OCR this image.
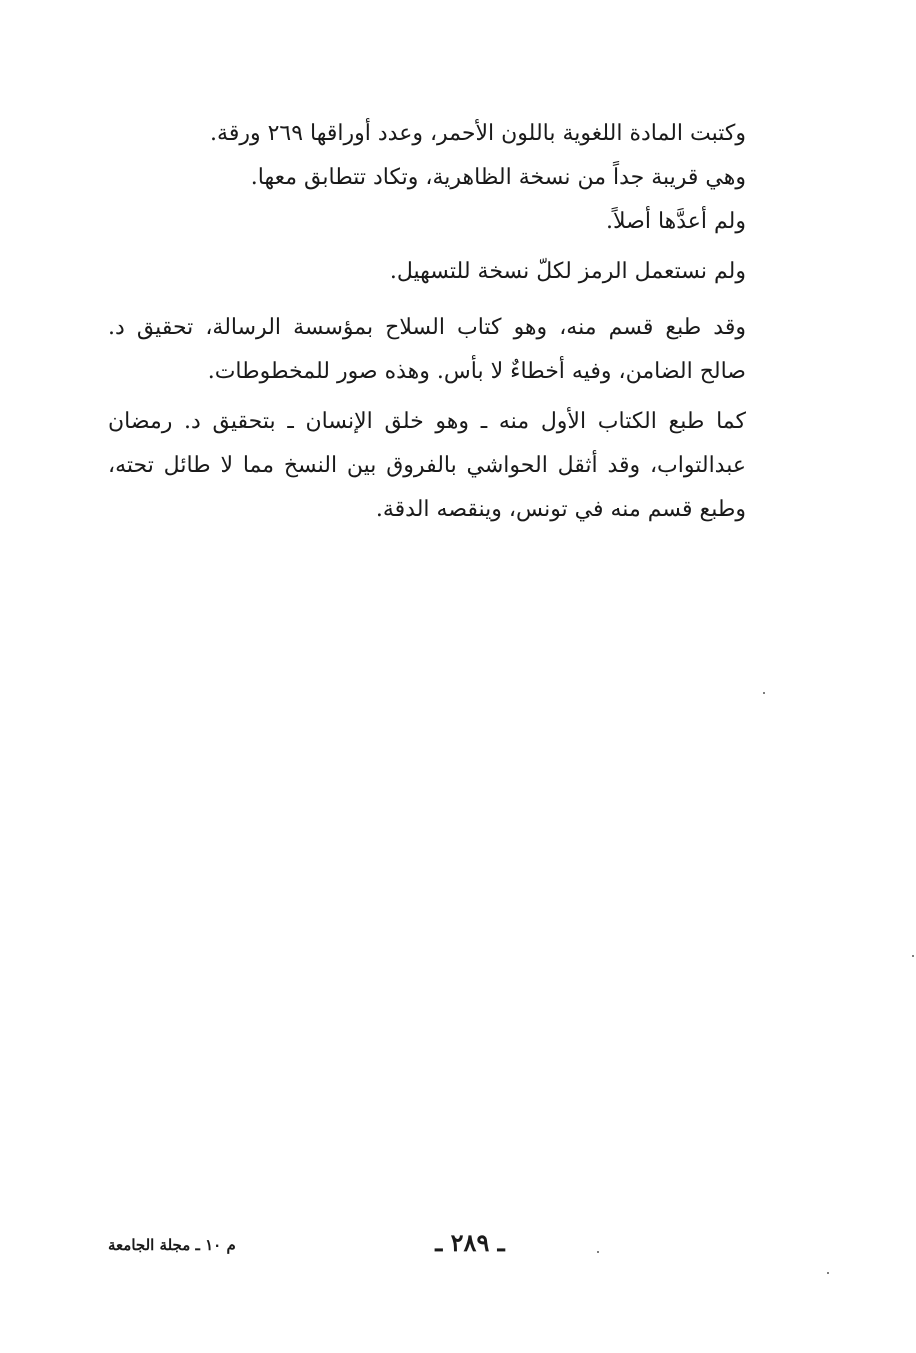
وكتبت المادة اللغوية باللون الأحمر، وعدد أوراقها ٢٦٩ ورقة.

وهي قريبة جداً من نسخة الظاهرية، وتكاد تتطابق معها.

ولم أعدَّها أصلاً.

ولم نستعمل الرمز لكلّ نسخة للتسهيل.

وقد طبع قسم منه، وهو كتاب السلاح بمؤسسة الرسالة، تحقيق د. صالح الضامن، وفيه أخطاءٌ لا بأس. وهذه صور للمخطوطات.

كما طبع الكتاب الأول منه ـ وهو خلق الإنسان ـ بتحقيق د. رمضان عبدالتواب، وقد أثقل الحواشي بالفروق بين النسخ مما لا طائل تحته، وطبع قسم منه في تونس، وينقصه الدقة.

م ١٠ ـ مجلة الجامعة	ـ ٢٨٩ ـ
